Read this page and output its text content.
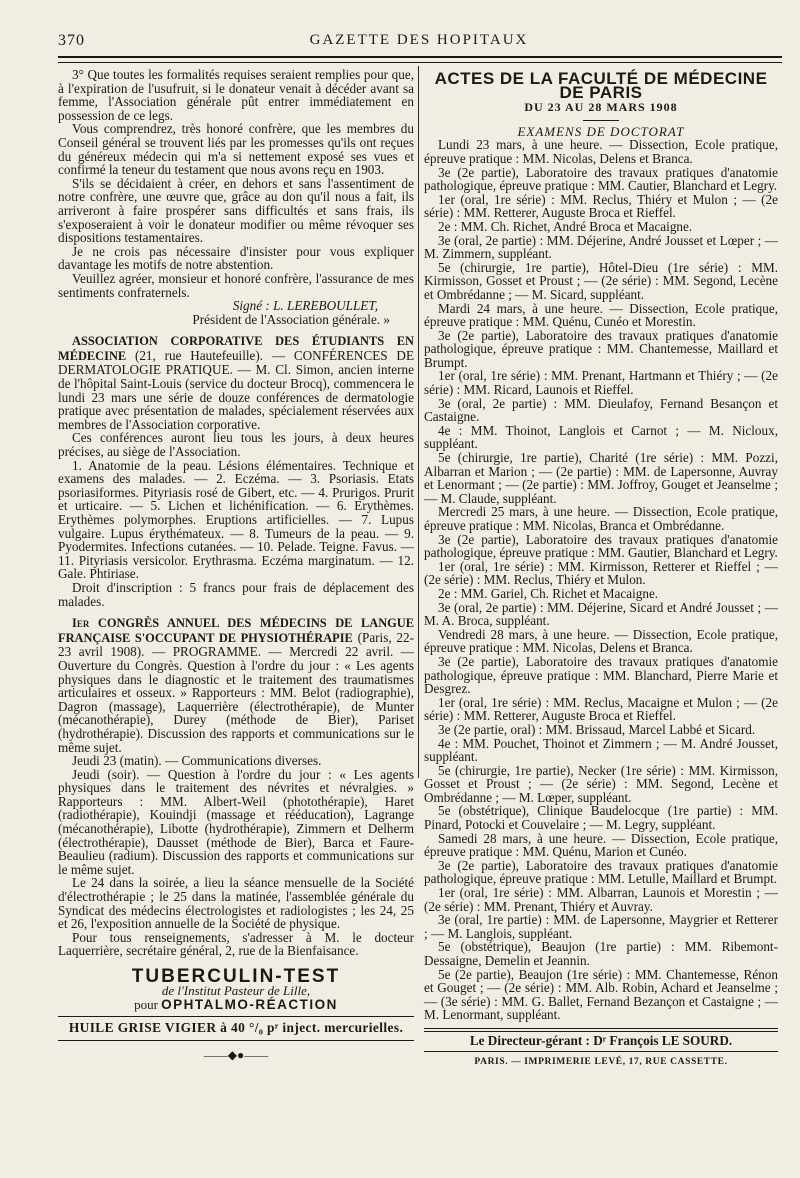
370	GAZETTE DES HOPITAUX

3° Que toutes les formalités requises seraient remplies pour que, à l'expiration de l'usufruit, si le donateur venait à décéder avant sa femme, l'Association générale pût entrer immédiatement en possession de ce legs.

Vous comprendrez, très honoré confrère, que les membres du Conseil général se trouvent liés par les promesses qu'ils ont reçues du généreux médecin qui m'a si nettement exposé ses vues et confirmé la teneur du testament que nous avons reçu en 1903.

S'ils se décidaient à créer, en dehors et sans l'assentiment de notre confrère, une œuvre que, grâce au don qu'il nous a fait, ils arriveront à faire prospérer sans difficultés et sans frais, ils s'exposeraient à voir le donateur modifier ou même révoquer ses dispositions testamentaires.

Je ne crois pas nécessaire d'insister pour vous expliquer davantage les motifs de notre abstention.

Veuillez agréer, monsieur et honoré confrère, l'assurance de mes sentiments confraternels.

Signé : L. LEREBOULLET,
Président de l'Association générale. »

ASSOCIATION CORPORATIVE DES ÉTUDIANTS EN MÉDECINE (21, rue Hautefeuille). — CONFÉRENCES DE DERMATOLOGIE PRATIQUE. — M. Cl. Simon, ancien interne de l'hôpital Saint-Louis (service du docteur Brocq), commencera le lundi 23 mars une série de douze conférences de dermatologie pratique avec présentation de malades, spécialement réservées aux membres de l'Association corporative.

Ces conférences auront lieu tous les jours, à deux heures précises, au siège de l'Association.

1. Anatomie de la peau. Lésions élémentaires. Technique et examens des malades. — 2. Eczéma. — 3. Psoriasis. Etats psoriasiformes. Pityriasis rosé de Gibert, etc. — 4. Prurigos. Prurit et urticaire. — 5. Lichen et lichénification. — 6. Erythèmes. Erythèmes polymorphes. Eruptions artificielles. — 7. Lupus vulgaire. Lupus érythémateux. — 8. Tumeurs de la peau. — 9. Pyodermites. Infections cutanées. — 10. Pelade. Teigne. Favus. — 11. Pityriasis versicolor. Erythrasma. Eczéma marginatum. — 12. Gale. Phtiriase.

Droit d'inscription : 5 francs pour frais de déplacement des malades.

Ier CONGRÈS ANNUEL DES MÉDECINS DE LANGUE FRANÇAISE S'OCCUPANT DE PHYSIOTHÉRAPIE (Paris, 22-23 avril 1908). — PROGRAMME. — Mercredi 22 avril. — Ouverture du Congrès. Question à l'ordre du jour : « Les agents physiques dans le diagnostic et le traitement des traumatismes articulaires et osseux. » Rapporteurs : MM. Belot (radiographie), Dagron (massage), Laquerrière (électrothérapie), de Munter (mécanothérapie), Durey (méthode de Bier), Pariset (hydrothérapie). Discussion des rapports et communications sur le même sujet.

Jeudi 23 (matin). — Communications diverses.

Jeudi (soir). — Question à l'ordre du jour : « Les agents physiques dans le traitement des névrites et névralgies. » Rapporteurs : MM. Albert-Weil (photothérapie), Haret (radiothérapie), Kouindji (massage et rééducation), Lagrange (mécanothérapie), Libotte (hydrothérapie), Zimmern et Delherm (électrothérapie), Dausset (méthode de Bier), Barca et Faure-Beaulieu (radium). Discussion des rapports et communications sur le même sujet.

Le 24 dans la soirée, a lieu la séance mensuelle de la Société d'électrothérapie ; le 25 dans la matinée, l'assemblée générale du Syndicat des médecins électrologistes et radiologistes ; les 24, 25 et 26, l'exposition annuelle de la Société de physique.

Pour tous renseignements, s'adresser à M. le docteur Laquerrière, secrétaire général, 2, rue de la Bienfaisance.

TUBERCULIN-TEST
de l'Institut Pasteur de Lille,
pour OPHTALMO-RÉACTION
HUILE GRISE VIGIER à 40 °/₀ pʳ inject. mercurielles.
——◆●——
ACTES DE LA FACULTÉ DE MÉDECINE DE PARIS
DU 23 AU 28 MARS 1908
EXAMENS DE DOCTORAT

Lundi 23 mars, à une heure. — Dissection, Ecole pratique, épreuve pratique : MM. Nicolas, Delens et Branca.

3e (2e partie), Laboratoire des travaux pratiques d'anatomie pathologique, épreuve pratique : MM. Cautier, Blanchard et Legry.

1er (oral, 1re série) : MM. Reclus, Thiéry et Mulon ; — (2e série) : MM. Retterer, Auguste Broca et Rieffel.

2e : MM. Ch. Richet, André Broca et Macaigne.

3e (oral, 2e partie) : MM. Déjerine, André Jousset et Lœper ; — M. Zimmern, suppléant.

5e (chirurgie, 1re partie), Hôtel-Dieu (1re série) : MM. Kirmisson, Gosset et Proust ; — (2e série) : MM. Segond, Lecène et Ombrédanne ; — M. Sicard, suppléant.

Mardi 24 mars, à une heure. — Dissection, Ecole pratique, épreuve pratique : MM. Quénu, Cunéo et Morestin.

3e (2e partie), Laboratoire des travaux pratiques d'anatomie pathologique, épreuve pratique : MM. Chantemesse, Maillard et Brumpt.

1er (oral, 1re série) : MM. Prenant, Hartmann et Thiéry ; — (2e série) : MM. Ricard, Launois et Rieffel.

3e (oral, 2e partie) : MM. Dieulafoy, Fernand Besançon et Castaigne.

4e : MM. Thoinot, Langlois et Carnot ; — M. Nicloux, suppléant.

5e (chirurgie, 1re partie), Charité (1re série) : MM. Pozzi, Albarran et Marion ; — (2e partie) : MM. de Lapersonne, Auvray et Lenormant ; — (2e partie) : MM. Joffroy, Gouget et Jeanselme ; — M. Claude, suppléant.

Mercredi 25 mars, à une heure. — Dissection, Ecole pratique, épreuve pratique : MM. Nicolas, Branca et Ombrédanne.

3e (2e partie), Laboratoire des travaux pratiques d'anatomie pathologique, épreuve pratique : MM. Gautier, Blanchard et Legry.

1er (oral, 1re série) : MM. Kirmisson, Retterer et Rieffel ; — (2e série) : MM. Reclus, Thiéry et Mulon.

2e : MM. Gariel, Ch. Richet et Macaigne.

3e (oral, 2e partie) : MM. Déjerine, Sicard et André Jousset ; — M. A. Broca, suppléant.

Vendredi 28 mars, à une heure. — Dissection, Ecole pratique, épreuve pratique : MM. Nicolas, Delens et Branca.

3e (2e partie), Laboratoire des travaux pratiques d'anatomie pathologique, épreuve pratique : MM. Blanchard, Pierre Marie et Desgrez.

1er (oral, 1re série) : MM. Reclus, Macaigne et Mulon ; — (2e série) : MM. Retterer, Auguste Broca et Rieffel.

3e (2e partie, oral) : MM. Brissaud, Marcel Labbé et Sicard.

4e : MM. Pouchet, Thoinot et Zimmern ; — M. André Jousset, suppléant.

5e (chirurgie, 1re partie), Necker (1re série) : MM. Kirmisson, Gosset et Proust ; — (2e série) : MM. Segond, Lecène et Ombrédanne ; — M. Lœper, suppléant.

5e (obstétrique), Clinique Baudelocque (1re partie) : MM. Pinard, Potocki et Couvelaire ; — M. Legry, suppléant.

Samedi 28 mars, à une heure. — Dissection, Ecole pratique, épreuve pratique : MM. Quénu, Marion et Cunéo.

3e (2e partie), Laboratoire des travaux pratiques d'anatomie pathologique, épreuve pratique : MM. Letulle, Maillard et Brumpt.

1er (oral, 1re série) : MM. Albarran, Launois et Morestin ; — (2e série) : MM. Prenant, Thiéry et Auvray.

3e (oral, 1re partie) : MM. de Lapersonne, Maygrier et Retterer ; — M. Langlois, suppléant.

5e (obstétrique), Beaujon (1re partie) : MM. Ribemont-Dessaigne, Demelin et Jeannin.

5e (2e partie), Beaujon (1re série) : MM. Chantemesse, Rénon et Gouget ; — (2e série) : MM. Alb. Robin, Achard et Jeanselme ; — (3e série) : MM. G. Ballet, Fernand Bezançon et Castaigne ; — M. Lenormant, suppléant.

Le Directeur-gérant : Dʳ François LE SOURD.
PARIS. — IMPRIMERIE LEVÉ, 17, RUE CASSETTE.
